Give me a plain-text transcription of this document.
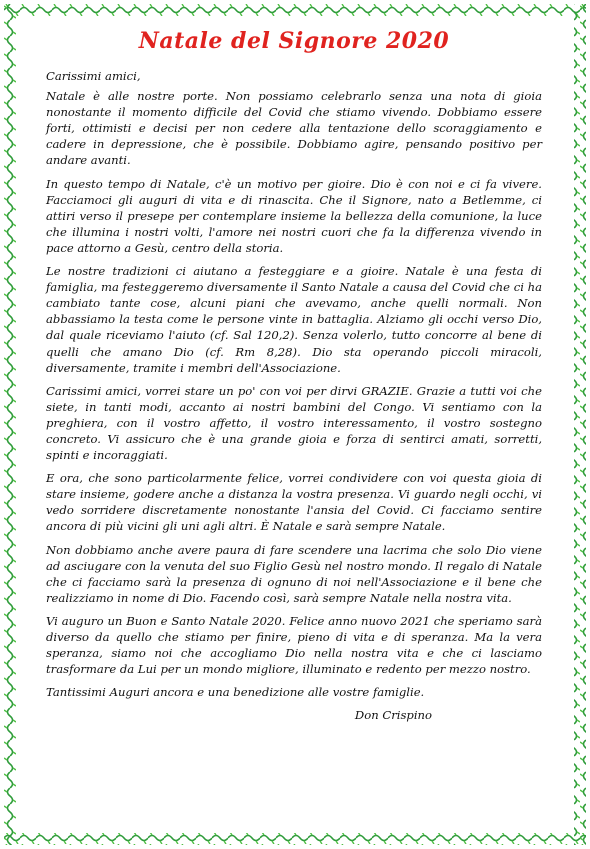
Natale del Signore 2020

Carissimi amici,

Natale è alle nostre porte. Non possiamo celebrarlo senza una nota di gioia nonostante il momento difficile del Covid che stiamo vivendo. Dobbiamo essere forti, ottimisti e decisi per non cedere alla tentazione dello scoraggiamento e cadere in depressione, che è possibile. Dobbiamo agire, pensando positivo per andare avanti.

In questo tempo di Natale, c'è un motivo per gioire. Dio è con noi e ci fa vivere. Facciamoci gli auguri di vita e di rinascita. Che il Signore, nato a Betlemme, ci attiri verso il presepe per contemplare insieme la bellezza della comunione, la luce che illumina i nostri volti, l'amore nei nostri cuori che fa la differenza vivendo in pace attorno a Gesù, centro della storia.

Le nostre tradizioni ci aiutano a festeggiare e a gioire. Natale è una festa di famiglia, ma festeggeremo diversamente il Santo Natale a causa del Covid che ci ha cambiato tante cose, alcuni piani che avevamo, anche quelli normali. Non abbassiamo la testa come le persone vinte in battaglia. Alziamo gli occhi verso Dio, dal quale riceviamo l'aiuto (cf. Sal 120,2). Senza volerlo, tutto concorre al bene di quelli che amano Dio (cf. Rm 8,28). Dio sta operando piccoli miracoli, diversamente, tramite i membri dell'Associazione.

Carissimi amici, vorrei stare un po' con voi per dirvi GRAZIE. Grazie a tutti voi che siete, in tanti modi, accanto ai nostri bambini del Congo. Vi sentiamo con la preghiera, con il vostro affetto, il vostro interessamento, il vostro sostegno concreto. Vi assicuro che è una grande gioia e forza di sentirci amati, sorretti, spinti e incoraggiati.

E ora, che sono particolarmente felice, vorrei condividere con voi questa gioia di stare insieme, godere anche a distanza la vostra presenza. Vi guardo negli occhi, vi vedo sorridere discretamente nonostante l'ansia del Covid. Ci facciamo sentire ancora di più vicini gli uni agli altri. È Natale e sarà sempre Natale.

Non dobbiamo anche avere paura di fare scendere una lacrima che solo Dio viene ad asciugare con la venuta del suo Figlio Gesù nel nostro mondo. Il regalo di Natale che ci facciamo sarà la presenza di ognuno di noi nell'Associazione e il bene che realizziamo in nome di Dio. Facendo così, sarà sempre Natale nella nostra vita.

Vi auguro un Buon e Santo Natale 2020. Felice anno nuovo 2021 che speriamo sarà diverso da quello che stiamo per finire, pieno di vita e di speranza. Ma la vera speranza, siamo noi che accogliamo Dio nella nostra vita e che ci lasciamo trasformare da Lui per un mondo migliore, illuminato e redento per mezzo nostro.

Tantissimi Auguri ancora e una benedizione alle vostre famiglie.

Don Crispino
